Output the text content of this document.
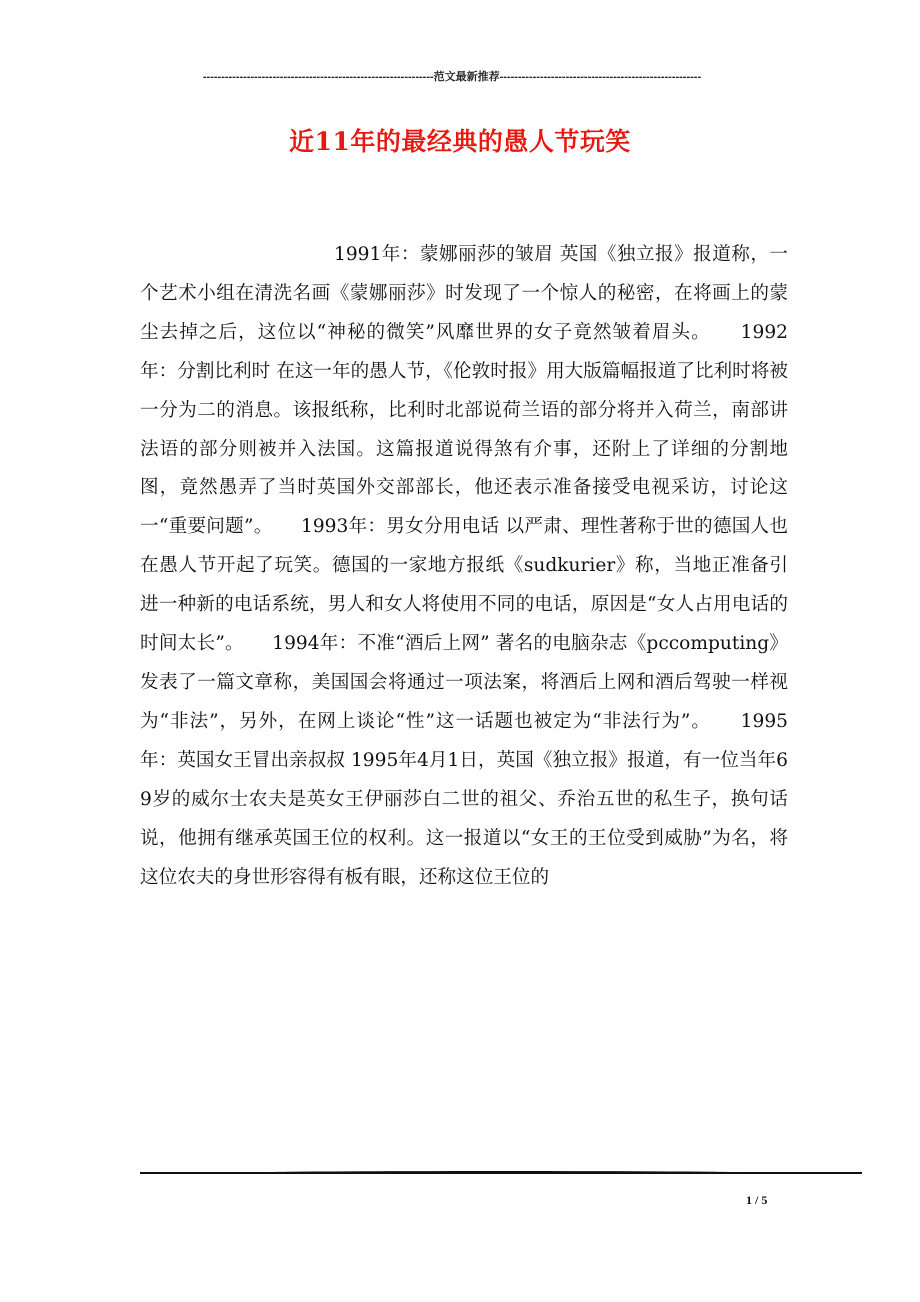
---------------------------------------------------------------范文最新推荐-------------------------------------------------------
近11年的最经典的愚人节玩笑

1991年：蒙娜丽莎的皱眉 英国《独立报》报道称，一个艺术小组在清洗名画《蒙娜丽莎》时发现了一个惊人的秘密，在将画上的蒙尘去掉之后，这位以“神秘的微笑”风靡世界的女子竟然皱着眉头。　　1992年：分割比利时 在这一年的愚人节，《伦敦时报》用大版篇幅报道了比利时将被一分为二的消息。该报纸称，比利时北部说荷兰语的部分将并入荷兰，南部讲法语的部分则被并入法国。这篇报道说得煞有介事，还附上了详细的分割地图，竟然愚弄了当时英国外交部部长，他还表示准备接受电视采访，讨论这一“重要问题”。　　1993年：男女分用电话 以严肃、理性著称于世的德国人也在愚人节开起了玩笑。德国的一家地方报纸《sudkurier》称，当地正准备引进一种新的电话系统，男人和女人将使用不同的电话，原因是“女人占用电话的时间太长”。　　1994年：不准“酒后上网” 著名的电脑杂志《pccomputing》发表了一篇文章称，美国国会将通过一项法案，将酒后上网和酒后驾驶一样视为“非法”，另外，在网上谈论“性”这一话题也被定为“非法行为”。　　1995年：英国女王冒出亲叔叔 1995年4月1日，英国《独立报》报道，有一位当年69岁的威尔士农夫是英女王伊丽莎白二世的祖父、乔治五世的私生子，换句话说，他拥有继承英国王位的权利。这一报道以“女王的王位受到威胁”为名，将这位农夫的身世形容得有板有眼，还称这位王位的

1 / 5
